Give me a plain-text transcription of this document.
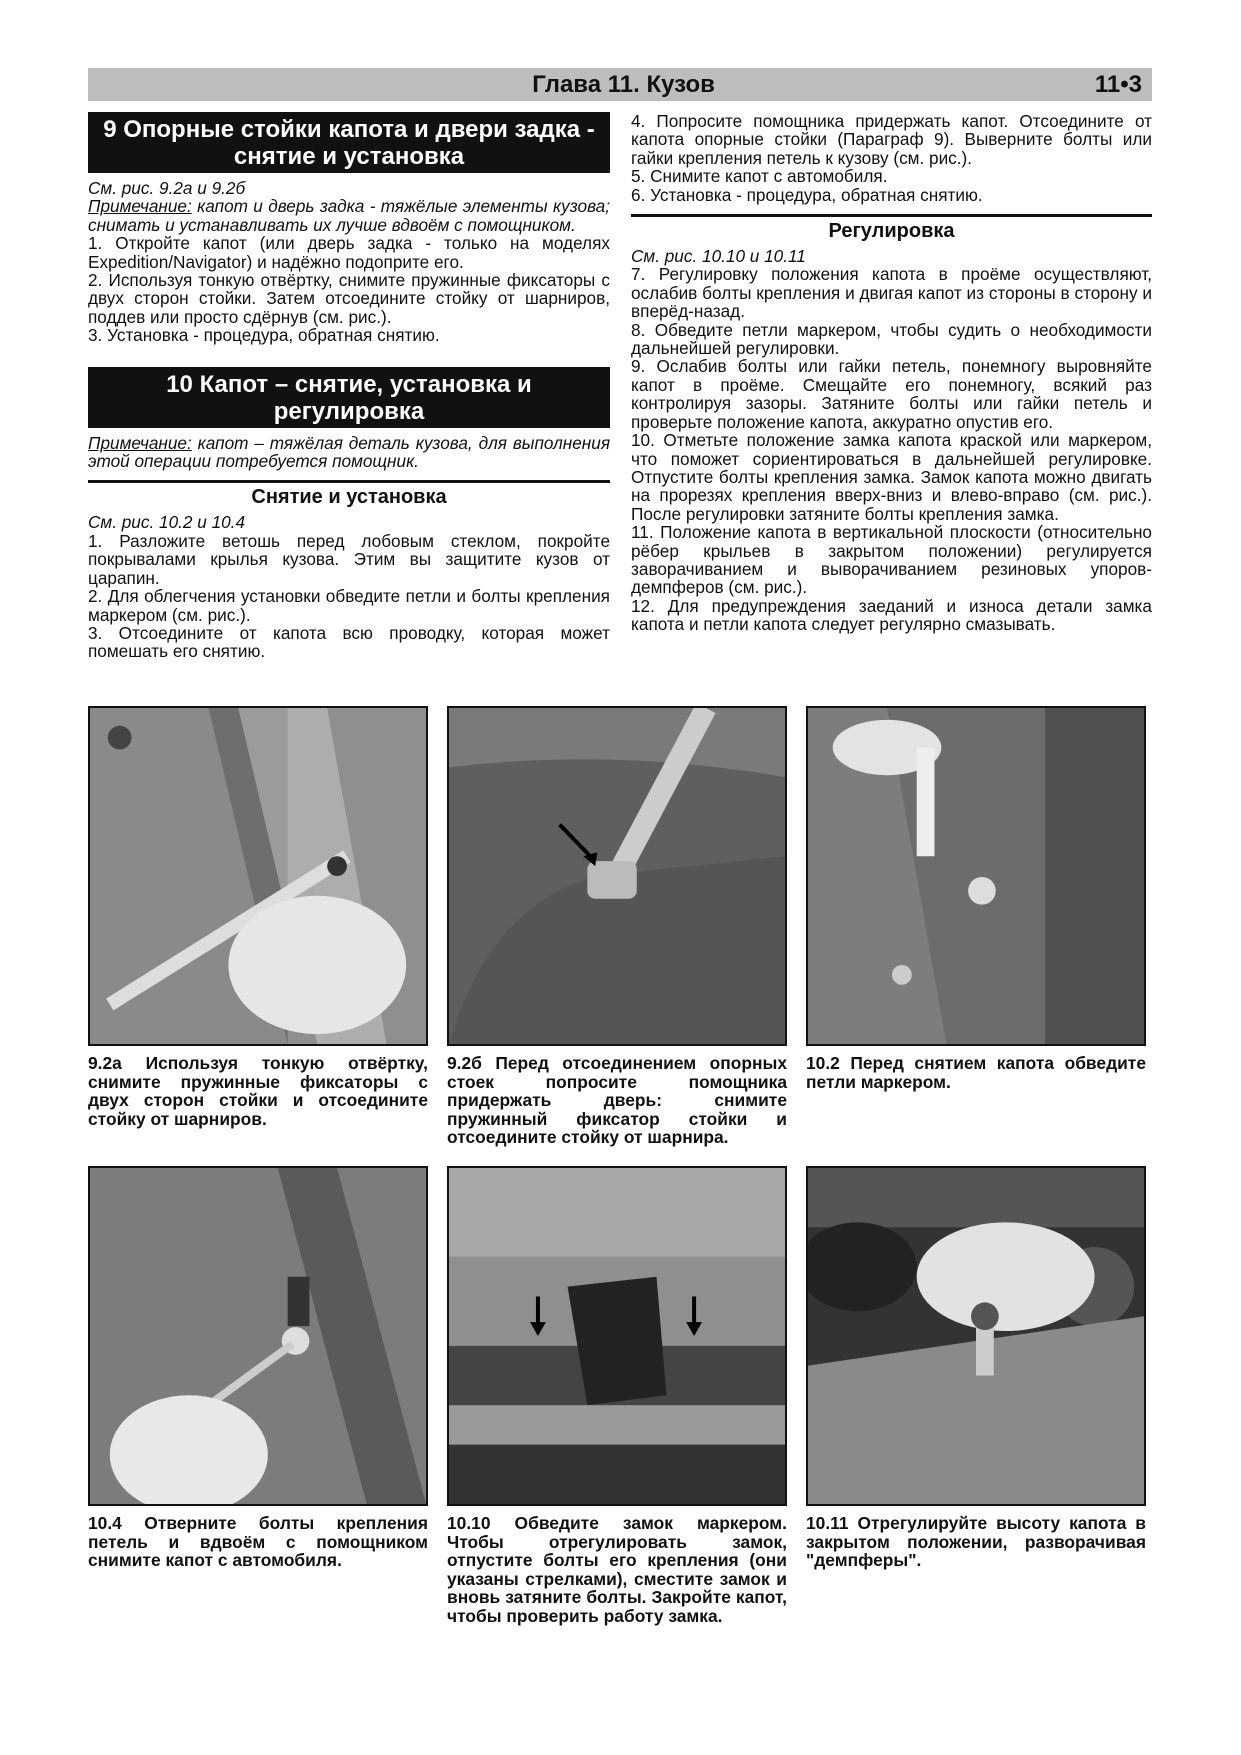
Глава 11. Кузов	11•3
9 Опорные стойки капота и двери задка - снятие и установка
См. рис. 9.2а и 9.2б
Примечание: капот и дверь задка - тяжёлые элементы кузова; снимать и устанавливать их лучше вдвоём с помощником.

1. Откройте капот (или дверь задка - только на моделях Expedition/Navigator) и надёжно подоприте его.

2. Используя тонкую отвёртку, снимите пружинные фиксаторы с двух сторон стойки. Затем отсоедините стойку от шарниров, поддев или просто сдёрнув (см. рис.).

3. Установка - процедура, обратная снятию.

10 Капот – снятие, установка и регулировка
Примечание: капот – тяжёлая деталь кузова, для выполнения этой операции потребуется помощник.
Снятие и установка
См. рис. 10.2 и 10.4

1. Разложите ветошь перед лобовым стеклом, покройте покрывалами крылья кузова. Этим вы защитите кузов от царапин.

2. Для облегчения установки обведите петли и болты крепления маркером (см. рис.).

3. Отсоедините от капота всю проводку, которая может помешать его снятию.

4. Попросите помощника придержать капот. Отсоедините от капота опорные стойки (Параграф 9). Выверните болты или гайки крепления петель к кузову (см. рис.).

5. Снимите капот с автомобиля.

6. Установка - процедура, обратная снятию.

Регулировка
См. рис. 10.10 и 10.11

7. Регулировку положения капота в проёме осуществляют, ослабив болты крепления и двигая капот из стороны в сторону и вперёд-назад.

8. Обведите петли маркером, чтобы судить о необходимости дальнейшей регулировки.

9. Ослабив болты или гайки петель, понемногу выровняйте капот в проёме. Смещайте его понемногу, всякий раз контролируя зазоры. Затяните болты или гайки петель и проверьте положение капота, аккуратно опустив его.

10. Отметьте положение замка капота краской или маркером, что поможет сориентироваться в дальнейшей регулировке. Отпустите болты крепления замка. Замок капота можно двигать на прорезях крепления вверх-вниз и влево-вправо (см. рис.). После регулировки затяните болты крепления замка.

11. Положение капота в вертикальной плоскости (относительно рёбер крыльев в закрытом положении) регулируется заворачиванием и выворачиванием резиновых упоров-демпферов (см. рис.).

12. Для предупреждения заеданий и износа детали замка капота и петли капота следует регулярно смазывать.

9.2а Используя тонкую отвёртку, снимите пружинные фиксаторы с двух сторон стойки и отсоедините стойку от шарниров.
9.2б Перед отсоединением опорных стоек попросите помощника придержать дверь: снимите пружинный фиксатор стойки и отсоедините стойку от шарнира.
10.2 Перед снятием капота обведите петли маркером.
10.4 Отверните болты крепления петель и вдвоём с помощником снимите капот с автомобиля.
10.10 Обведите замок маркером. Чтобы отрегулировать замок, отпустите болты его крепления (они указаны стрелками), сместите замок и вновь затяните болты. Закройте капот, чтобы проверить работу замка.
10.11 Отрегулируйте высоту капота в закрытом положении, разворачивая "демпферы".
